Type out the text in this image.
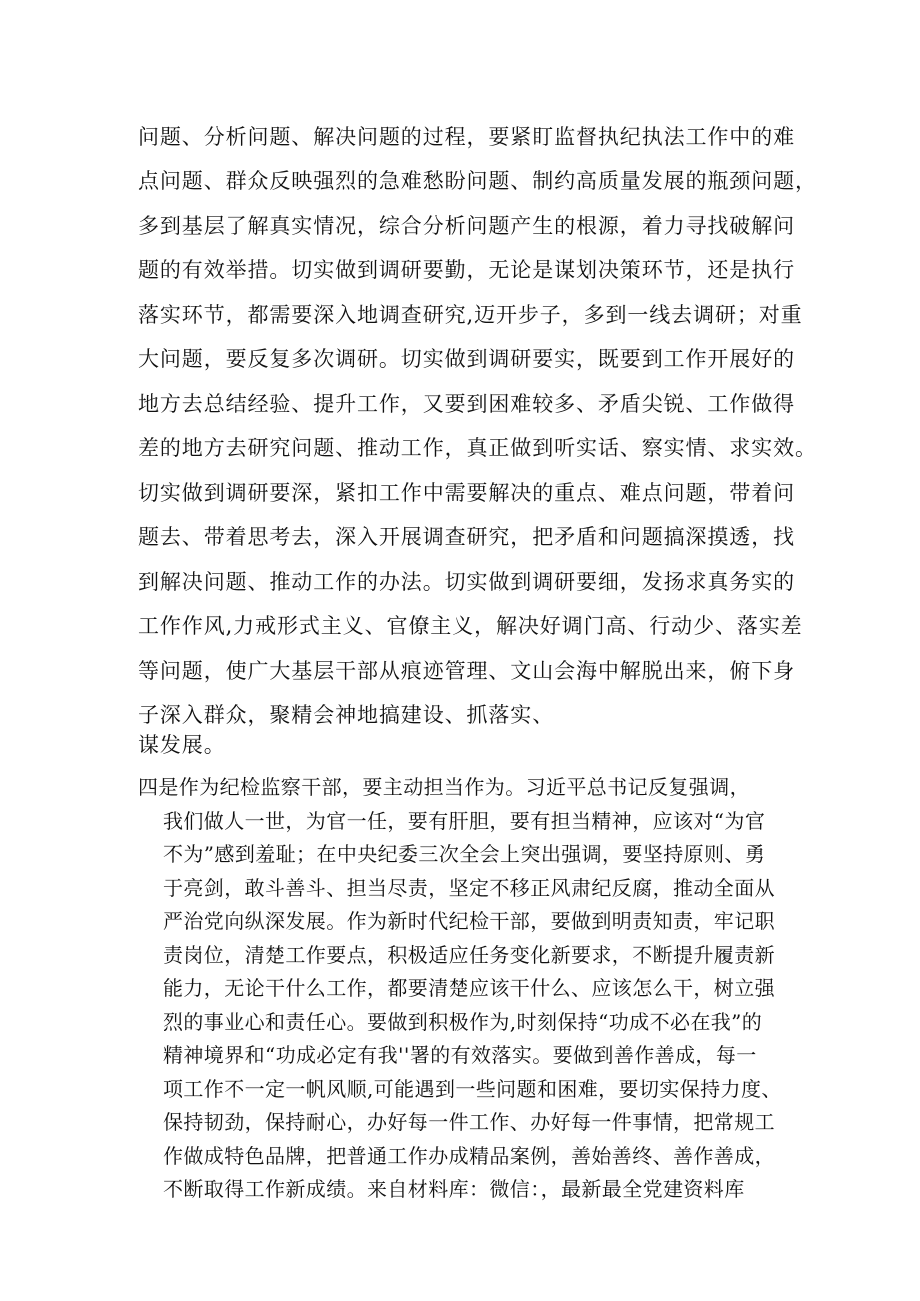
问题、分析问题、解决问题的过程，要紧盯监督执纪执法工作中的难
点问题、群众反映强烈的急难愁盼问题、制约高质量发展的瓶颈问题，
多到基层了解真实情况，综合分析问题产生的根源，着力寻找破解问
题的有效举措。切实做到调研要勤，无论是谋划决策环节，还是执行
落实环节，都需要深入地调查研究,迈开步子，多到一线去调研；对重
大问题，要反复多次调研。切实做到调研要实，既要到工作开展好的
地方去总结经验、提升工作，又要到困难较多、矛盾尖锐、工作做得
差的地方去研究问题、推动工作，真正做到听实话、察实情、求实效。
切实做到调研要深，紧扣工作中需要解决的重点、难点问题，带着问
题去、带着思考去，深入开展调查研究，把矛盾和问题搞深摸透，找
到解决问题、推动工作的办法。切实做到调研要细，发扬求真务实的
工作作风,力戒形式主义、官僚主义，解决好调门高、行动少、落实差
等问题，使广大基层干部从痕迹管理、文山会海中解脱出来，俯下身
子深入群众，聚精会神地搞建设、抓落实、
谋发展。
四是作为纪检监察干部，要主动担当作为。习近平总书记反复强调，
我们做人一世，为官一任，要有肝胆，要有担当精神，应该对“为官
不为”感到羞耻；在中央纪委三次全会上突出强调，要坚持原则、勇
于亮剑，敢斗善斗、担当尽责，坚定不移正风肃纪反腐，推动全面从
严治党向纵深发展。作为新时代纪检干部，要做到明责知责，牢记职
责岗位，清楚工作要点，积极适应任务变化新要求，不断提升履责新
能力，无论干什么工作，都要清楚应该干什么、应该怎么干，树立强
烈的事业心和责任心。要做到积极作为,时刻保持“功成不必在我”的
精神境界和“功成必定有我''署的有效落实。要做到善作善成，每一
项工作不一定一帆风顺,可能遇到一些问题和困难，要切实保持力度、
保持韧劲，保持耐心，办好每一件工作、办好每一件事情，把常规工
作做成特色品牌，把普通工作办成精品案例，善始善终、善作善成，
不断取得工作新成绩。来自材料库：微信：，最新最全党建资料库
